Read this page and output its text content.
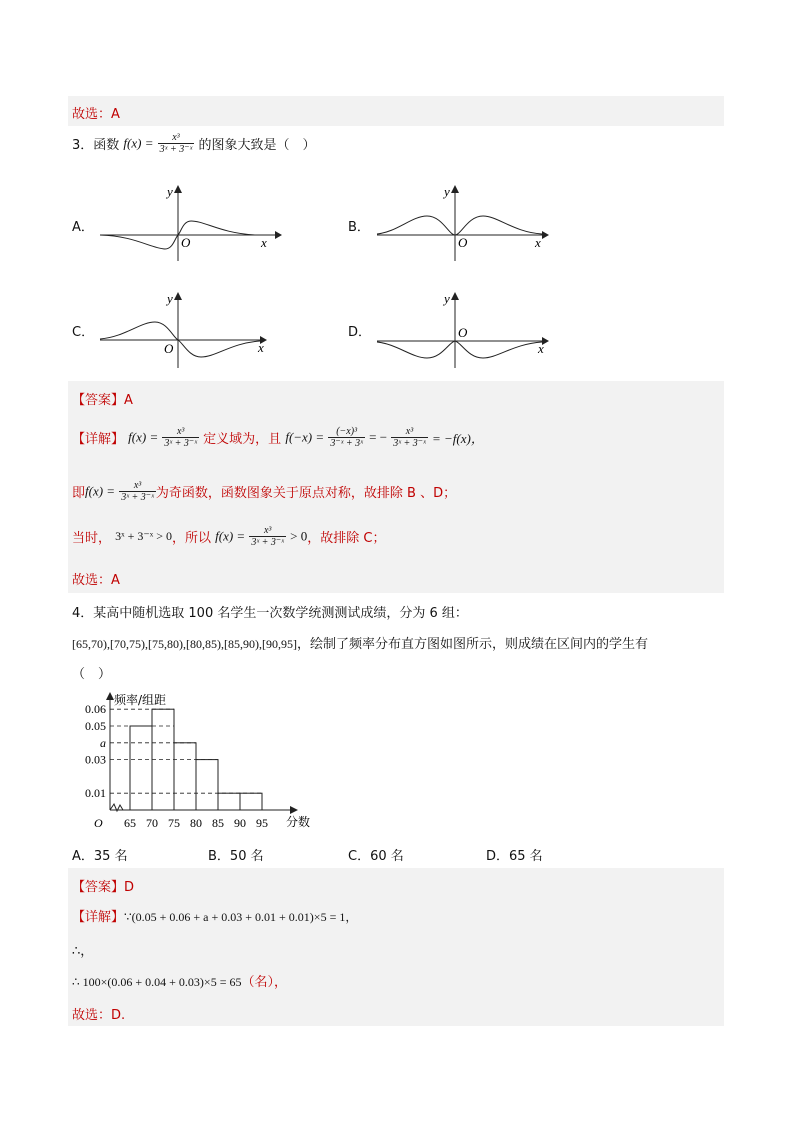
故选：A
3．函数 $f(x) = \frac{\text{x³}}{\text{3ˣ + 3⁻ˣ}}$ 的图象大致是（　）
A．
x
y
O
B．
x
y
O
C．
x
y
O
D．
x
y
O
【答案】A
【详解】 $f(x) = \frac{\text{x³}}{\text{3ˣ + 3⁻ˣ}}$ 定义域为，且 $f(-x) = \frac{\text{(−x)³}}{\text{3⁻ˣ + 3ˣ}}$ = − $\frac{\text{x³}}{\text{3ˣ + 3⁻ˣ}} = -f(x)$，
即$f(x) = \frac{\text{x³}}{\text{3ˣ + 3⁻ˣ}}$ 为奇函数，函数图象关于原点对称，故排除 B 、D；
当时， 3ˣ + 3⁻ˣ > 0，所以 $f(x) = \frac{\text{x³}}{\text{3ˣ + 3⁻ˣ}} > 0$，故排除 C；
故选：A
4．某高中随机选取 100 名学生一次数学统测测试成绩，分为 6 组：
[65,70),[70,75),[75,80),[80,85),[85,90),[90,95]，绘制了频率分布直方图如图所示，则成绩在区间内的学生有
（　）
频率/组距
分数
O
0.06
0.05
a
0.03
0.01
65 70 75 80 85 90 95
A．35 名	B．50 名	C．60 名	D．65 名
【答案】D
【详解】∵(0.05 + 0.06 + a + 0.03 + 0.01 + 0.01)×5 = 1，
∴，
∴ 100×(0.06 + 0.04 + 0.03)×5 = 65（名），
故选：D.
